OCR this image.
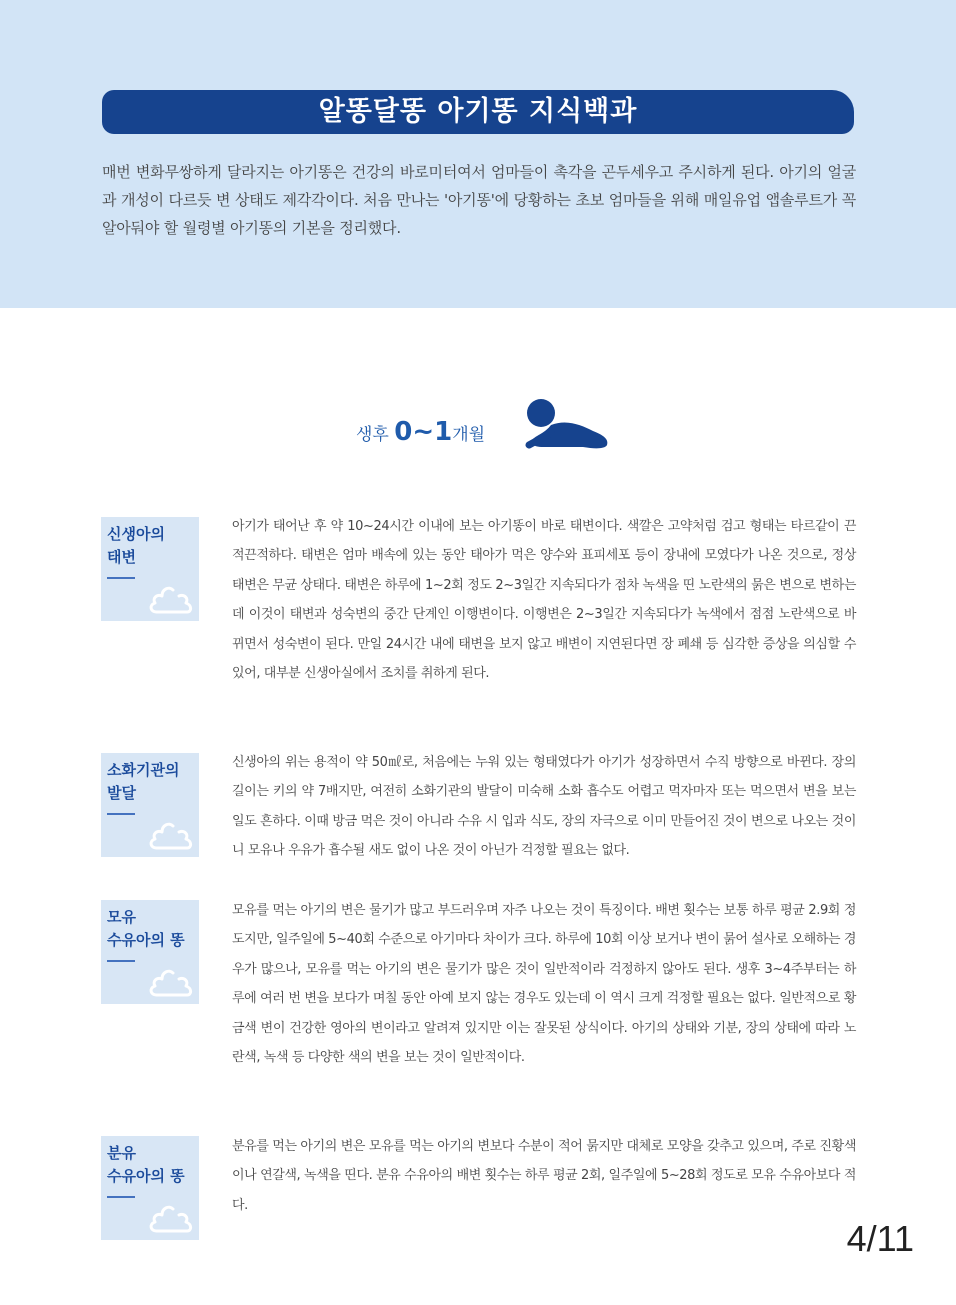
알똥달똥 아기똥 지식백과
매번 변화무쌍하게 달라지는 아기똥은 건강의 바로미터여서 엄마들이 촉각을 곤두세우고 주시하게 된다. 아기의 얼굴과 개성이 다르듯 변 상태도 제각각이다. 처음 만나는 '아기똥'에 당황하는 초보 엄마들을 위해 매일유업 앱솔루트가 꼭 알아둬야 할 월령별 아기똥의 기본을 정리했다.
생후 0~1개월
신생아의
태변
아기가 태어난 후 약 10~24시간 이내에 보는 아기똥이 바로 태변이다. 색깔은 고약처럼 검고 형태는 타르같이 끈적끈적하다. 태변은 엄마 배속에 있는 동안 태아가 먹은 양수와 표피세포 등이 장내에 모였다가 나온 것으로, 정상 태변은 무균 상태다. 태변은 하루에 1~2회 정도 2~3일간 지속되다가 점차 녹색을 띤 노란색의 묽은 변으로 변하는데 이것이 태변과 성숙변의 중간 단계인 이행변이다. 이행변은 2~3일간 지속되다가 녹색에서 점점 노란색으로 바뀌면서 성숙변이 된다. 만일 24시간 내에 태변을 보지 않고 배변이 지연된다면 장 폐쇄 등 심각한 증상을 의심할 수 있어, 대부분 신생아실에서 조치를 취하게 된다.
소화기관의
발달
신생아의 위는 용적이 약 50㎖로, 처음에는 누워 있는 형태였다가 아기가 성장하면서 수직 방향으로 바뀐다. 장의 길이는 키의 약 7배지만, 여전히 소화기관의 발달이 미숙해 소화 흡수도 어렵고 먹자마자 또는 먹으면서 변을 보는 일도 흔하다. 이때 방금 먹은 것이 아니라 수유 시 입과 식도, 장의 자극으로 이미 만들어진 것이 변으로 나오는 것이니 모유나 우유가 흡수될 새도 없이 나온 것이 아닌가 걱정할 필요는 없다.
모유
수유아의 똥
모유를 먹는 아기의 변은 물기가 많고 부드러우며 자주 나오는 것이 특징이다. 배변 횟수는 보통 하루 평균 2.9회 정도지만, 일주일에 5~40회 수준으로 아기마다 차이가 크다. 하루에 10회 이상 보거나 변이 묽어 설사로 오해하는 경우가 많으나, 모유를 먹는 아기의 변은 물기가 많은 것이 일반적이라 걱정하지 않아도 된다. 생후 3~4주부터는 하루에 여러 번 변을 보다가 며칠 동안 아예 보지 않는 경우도 있는데 이 역시 크게 걱정할 필요는 없다. 일반적으로 황금색 변이 건강한 영아의 변이라고 알려져 있지만 이는 잘못된 상식이다. 아기의 상태와 기분, 장의 상태에 따라 노란색, 녹색 등 다양한 색의 변을 보는 것이 일반적이다.
분유
수유아의 똥
분유를 먹는 아기의 변은 모유를 먹는 아기의 변보다 수분이 적어 묽지만 대체로 모양을 갖추고 있으며, 주로 진황색이나 연갈색, 녹색을 띤다. 분유 수유아의 배변 횟수는 하루 평균 2회, 일주일에 5~28회 정도로 모유 수유아보다 적다.
4/11
